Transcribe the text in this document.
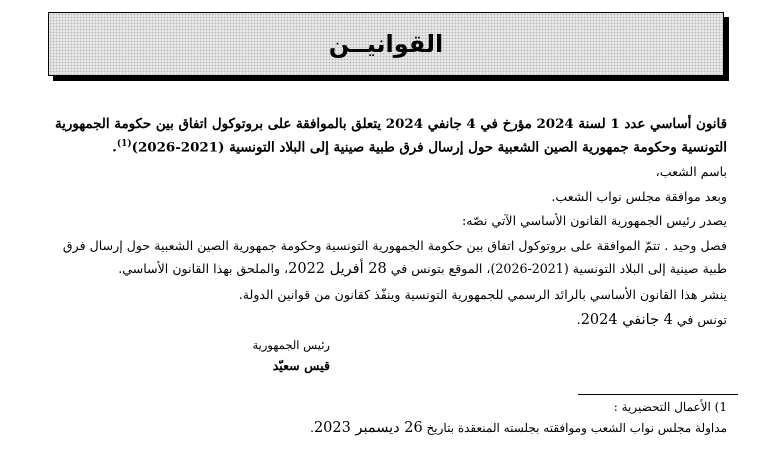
القوانيــن
قانون أساسي عدد 1 لسنة 2024 مؤرخ في 4 جانفي 2024 يتعلق بالموافقة على بروتوكول اتفاق بين حكومة الجمهورية
التونسية وحكومة جمهورية الصين الشعبية حول إرسال فرق طبية صينية إلى البلاد التونسية (2021-2026)$^{(1)}$.
باسم الشعب،
وبعد موافقة مجلس نواب الشعب.
يصدر رئيس الجمهورية القانون الأساسي الآتي نصّه:
فصل وحيد . تتمّ الموافقة على بروتوكول اتفاق بين حكومة الجمهورية التونسية وحكومة جمهورية الصين الشعبية حول إرسال فرق
طبية صينية إلى البلاد التونسية (2021-2026)، الموقع بتونس في 28 أفريل 2022، والملحق بهذا القانون الأساسي.
ينشر هذا القانون الأساسي بالرائد الرسمي للجمهورية التونسية وينفّذ كقانون من قوانين الدولة.
تونس في 4 جانفي 2024.
رئيس الجمهورية
قيس سعيّد
1) الأعمال التحضيرية :
مداولة مجلس نواب الشعب وموافقته بجلسته المنعقدة بتاريخ 26 ديسمبر 2023.
